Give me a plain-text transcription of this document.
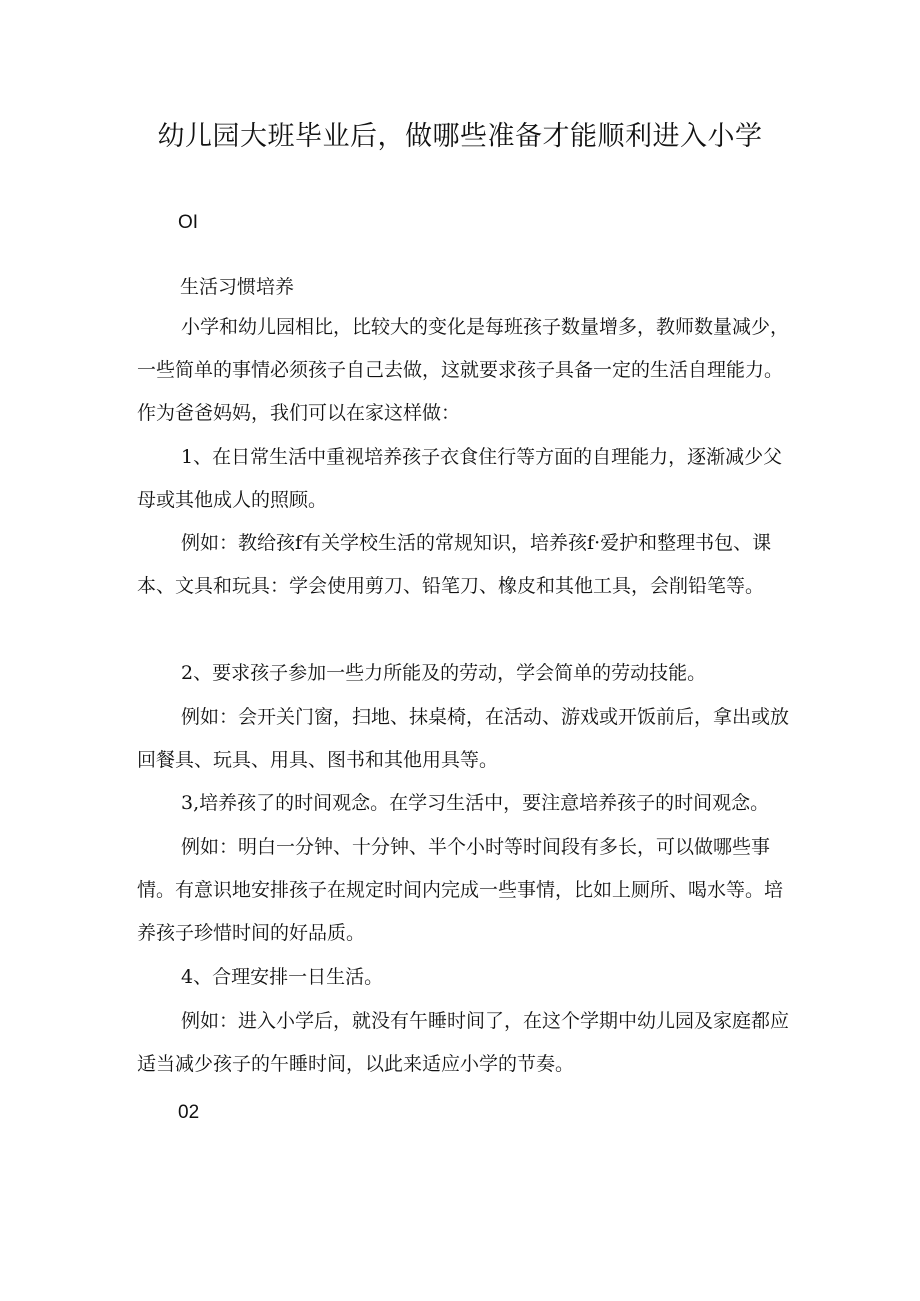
幼儿园大班毕业后，做哪些准备才能顺利进入小学
OI
生活习惯培养

小学和幼儿园相比，比较大的变化是每班孩子数量增多，教师数量减少，一些简单的事情必须孩子自己去做，这就要求孩子具备一定的生活自理能力。作为爸爸妈妈，我们可以在家这样做：

1、在日常生活中重视培养孩子衣食住行等方面的自理能力，逐渐减少父母或其他成人的照顾。

例如：教给孩f有关学校生活的常规知识，培养孩f·爱护和整理书包、课本、文具和玩具：学会使用剪刀、铅笔刀、橡皮和其他工具，会削铅笔等。

2、要求孩子参加一些力所能及的劳动，学会简单的劳动技能。

例如：会开关门窗，扫地、抹桌椅，在活动、游戏或开饭前后，拿出或放回餐具、玩具、用具、图书和其他用具等。

3,培养孩了的时间观念。在学习生活中，要注意培养孩子的时间观念。

例如：明白一分钟、十分钟、半个小时等时间段有多长，可以做哪些事情。有意识地安排孩子在规定时间内完成一些事情，比如上厕所、喝水等。培养孩子珍惜时间的好品质。

4、合理安排一日生活。

例如：进入小学后，就没有午睡时间了，在这个学期中幼儿园及家庭都应适当减少孩子的午睡时间，以此来适应小学的节奏。

02
